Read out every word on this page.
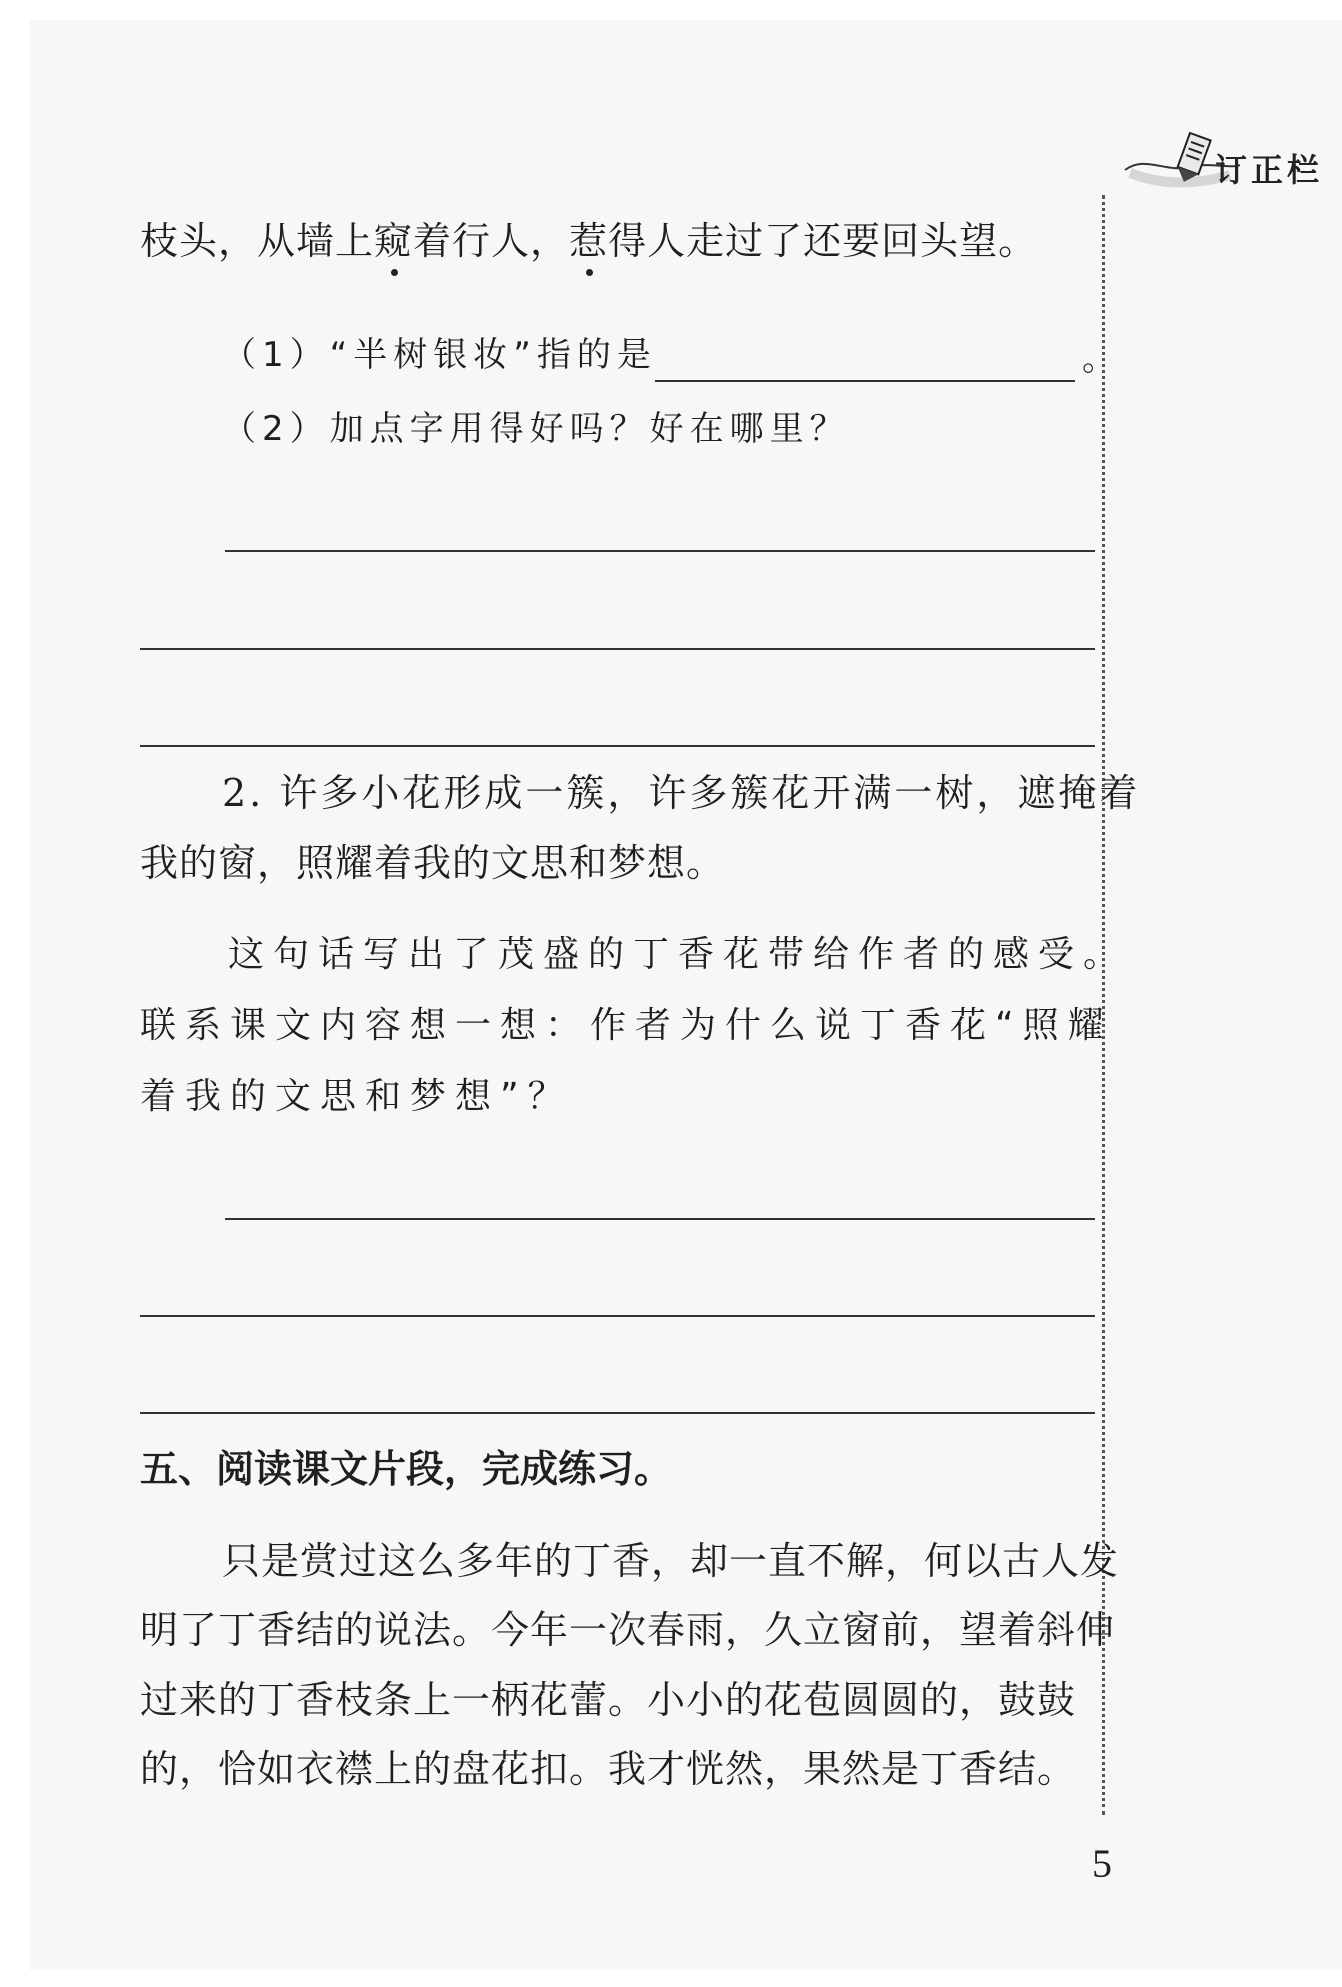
订正栏
枝头，从墙上窥着行人，惹得人走过了还要回头望。
（1）“半树银妆”指的是	。
（2）加点字用得好吗？好在哪里？
2. 许多小花形成一簇，许多簇花开满一树，遮掩着
我的窗，照耀着我的文思和梦想。
这句话写出了茂盛的丁香花带给作者的感受。
联系课文内容想一想：作者为什么说丁香花“照耀
着我的文思和梦想”？
五、阅读课文片段，完成练习。
只是赏过这么多年的丁香，却一直不解，何以古人发
明了丁香结的说法。今年一次春雨，久立窗前，望着斜伸
过来的丁香枝条上一柄花蕾。小小的花苞圆圆的，鼓鼓
的，恰如衣襟上的盘花扣。我才恍然，果然是丁香结。
5
